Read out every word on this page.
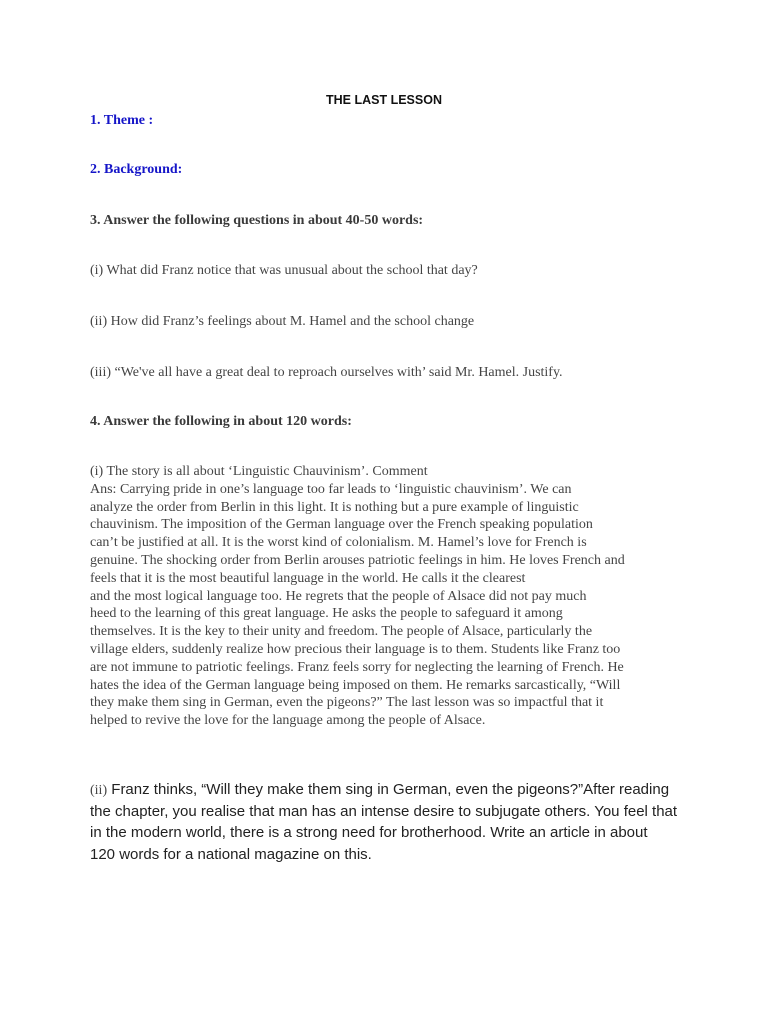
THE LAST LESSON
1. Theme :
2. Background:
3. Answer the following questions in about 40-50 words:
(i) What did Franz notice that was unusual about the school that day?
(ii) How did Franz’s feelings about M. Hamel and the school change
(iii) “We've all have a great deal to reproach ourselves with’ said Mr. Hamel. Justify.
4. Answer the following in about 120 words:
(i) The story is all about ‘Linguistic Chauvinism’. Comment
Ans: Carrying pride in one’s language too far leads to ‘linguistic chauvinism’. We can
analyze the order from Berlin in this light. It is nothing but a pure example of linguistic
chauvinism. The imposition of the German language over the French speaking population
can’t be justified at all. It is the worst kind of colonialism. M. Hamel’s love for French is
genuine. The shocking order from Berlin arouses patriotic feelings in him. He loves French and
feels that it is the most beautiful language in the world. He calls it the clearest
and the most logical language too. He regrets that the people of Alsace did not pay much
heed to the learning of this great language. He asks the people to safeguard it among
themselves. It is the key to their unity and freedom. The people of Alsace, particularly the
village elders, suddenly realize how precious their language is to them. Students like Franz too
are not immune to patriotic feelings. Franz feels sorry for neglecting the learning of French. He
hates the idea of the German language being imposed on them. He remarks sarcastically, “Will
they make them sing in German, even the pigeons?” The last lesson was so impactful that it
helped to revive the love for the language among the people of Alsace.
(ii) Franz thinks, “Will they make them sing in German, even the pigeons?”After reading
the chapter, you realise that man has an intense desire to subjugate others. You feel that
in the modern world, there is a strong need for brotherhood. Write an article in about
120 words for a national magazine on this.
